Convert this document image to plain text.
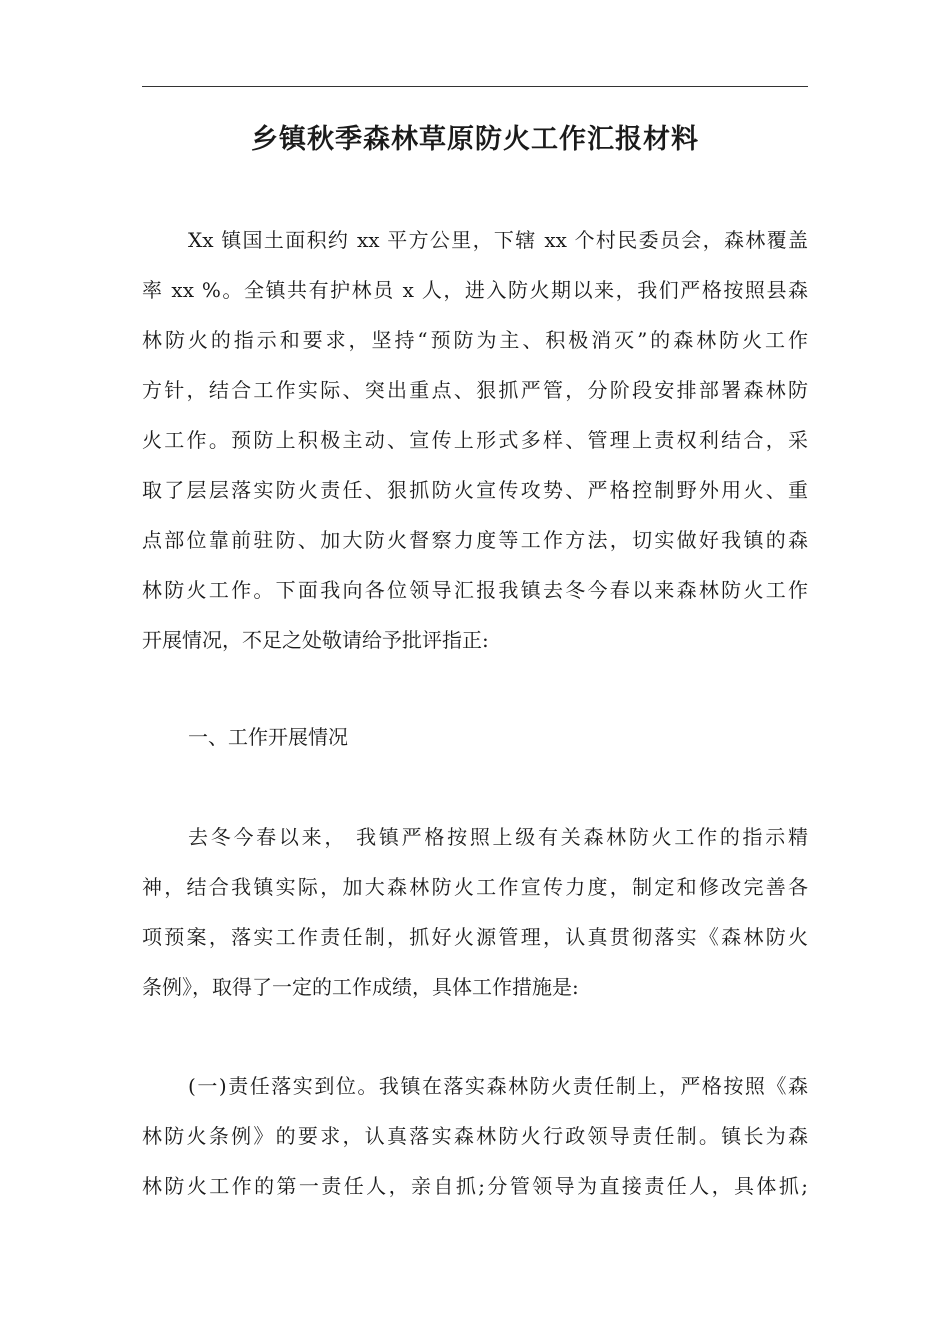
乡镇秋季森林草原防火工作汇报材料
Xx 镇国土面积约 xx 平方公里，下辖 xx 个村民委员会，森林覆盖
率 xx %。全镇共有护林员 x 人，进入防火期以来，我们严格按照县森
林防火的指示和要求，坚持“预防为主、积极消灭”的森林防火工作
方针，结合工作实际、突出重点、狠抓严管，分阶段安排部署森林防
火工作。预防上积极主动、宣传上形式多样、管理上责权利结合，采
取了层层落实防火责任、狠抓防火宣传攻势、严格控制野外用火、重
点部位靠前驻防、加大防火督察力度等工作方法，切实做好我镇的森
林防火工作。下面我向各位领导汇报我镇去冬今春以来森林防火工作
开展情况，不足之处敬请给予批评指正:
一、工作开展情况
去冬今春以来， 我镇严格按照上级有关森林防火工作的指示精
神，结合我镇实际，加大森林防火工作宣传力度，制定和修改完善各
项预案，落实工作责任制，抓好火源管理，认真贯彻落实《森林防火
条例》，取得了一定的工作成绩，具体工作措施是:
(一)责任落实到位。我镇在落实森林防火责任制上，严格按照《森
林防火条例》的要求，认真落实森林防火行政领导责任制。镇长为森
林防火工作的第一责任人，亲自抓;分管领导为直接责任人，具体抓;
